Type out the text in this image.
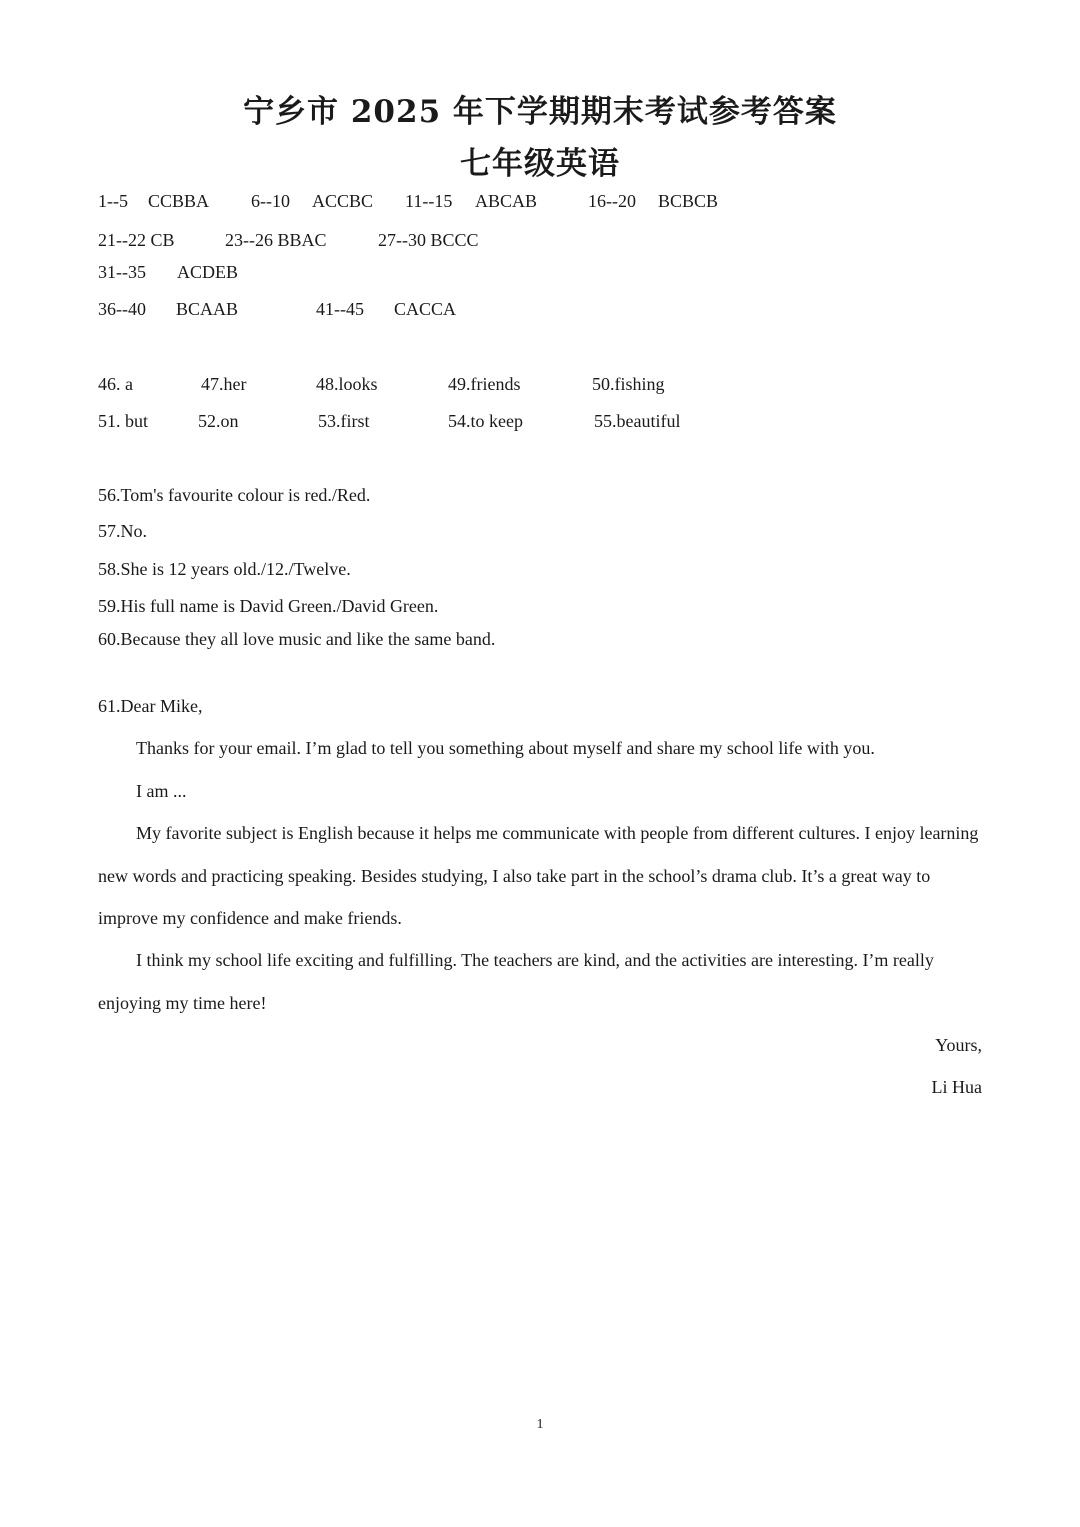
宁乡市 2025 年下学期期末考试参考答案
七年级英语
1--5 CCBBA 6--10 ACCBC 11--15 ABCAB	16--20 BCBCB
21--22 CB	23--26 BBAC	27--30 BCCC
31--35 ACDEB
36--40 BCAAB	41--45 CACCA
46. a	47.her	48.looks	49.friends	50.fishing
51. but	52.on	53.first	54.to keep	55.beautiful
56.Tom's favourite colour is red./Red.
57.No.
58.She is 12 years old./12./Twelve.
59.His full name is David Green./David Green.
60.Because they all love music and like the same band.
61.Dear Mike,
Thanks for your email. I’m glad to tell you something about myself and share my school life with you.
I am ...
My favorite subject is English because it helps me communicate with people from different cultures. I enjoy learning new words and practicing speaking. Besides studying, I also take part in the school’s drama club. It’s a great way to improve my confidence and make friends.
I think my school life exciting and fulfilling. The teachers are kind, and the activities are interesting. I’m really enjoying my time here!
Yours,
Li Hua
1
